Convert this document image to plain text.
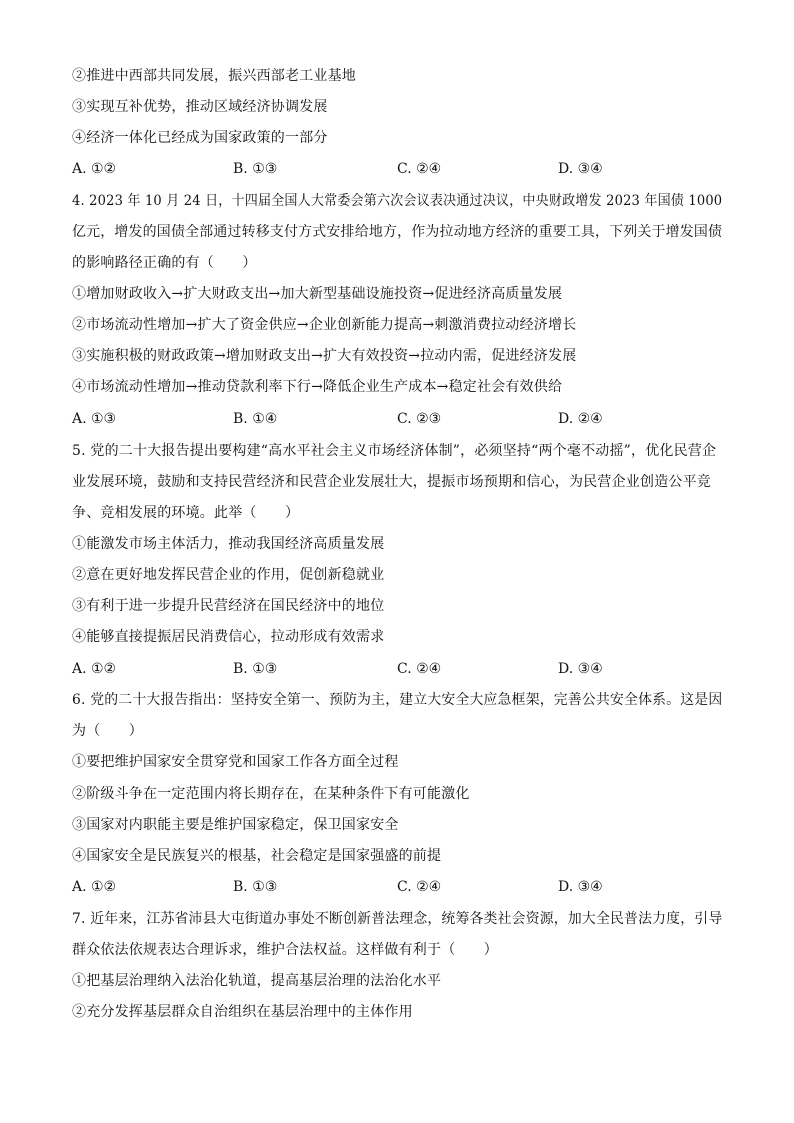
②推进中西部共同发展，振兴西部老工业基地
③实现互补优势，推动区域经济协调发展
④经济一体化已经成为国家政策的一部分
A. ①②	B. ①③	C. ②④	D. ③④
4. 2023 年 10 月 24 日，十四届全国人大常委会第六次会议表决通过决议，中央财政增发 2023 年国债 1000
亿元，增发的国债全部通过转移支付方式安排给地方，作为拉动地方经济的重要工具，下列关于增发国债
的影响路径正确的有（　　）
①增加财政收入→扩大财政支出→加大新型基础设施投资→促进经济高质量发展
②市场流动性增加→扩大了资金供应→企业创新能力提高→刺激消费拉动经济增长
③实施积极的财政政策→增加财政支出→扩大有效投资→拉动内需，促进经济发展
④市场流动性增加→推动贷款利率下行→降低企业生产成本→稳定社会有效供给
A. ①③	B. ①④	C. ②③	D. ②④
5. 党的二十大报告提出要构建“高水平社会主义市场经济体制”，必须坚持“两个毫不动摇”，优化民营企
业发展环境，鼓励和支持民营经济和民营企业发展壮大，提振市场预期和信心，为民营企业创造公平竞
争、竞相发展的环境。此举（　　）
①能激发市场主体活力，推动我国经济高质量发展
②意在更好地发挥民营企业的作用，促创新稳就业
③有利于进一步提升民营经济在国民经济中的地位
④能够直接提振居民消费信心，拉动形成有效需求
A. ①②	B. ①③	C. ②④	D. ③④
6. 党的二十大报告指出：坚持安全第一、预防为主，建立大安全大应急框架，完善公共安全体系。这是因
为（　　）
①要把维护国家安全贯穿党和国家工作各方面全过程
②阶级斗争在一定范围内将长期存在，在某种条件下有可能激化
③国家对内职能主要是维护国家稳定，保卫国家安全
④国家安全是民族复兴的根基，社会稳定是国家强盛的前提
A. ①②	B. ①③	C. ②④	D. ③④
7. 近年来，江苏省沛县大屯街道办事处不断创新普法理念，统筹各类社会资源，加大全民普法力度，引导
群众依法依规表达合理诉求，维护合法权益。这样做有利于（　　）
①把基层治理纳入法治化轨道，提高基层治理的法治化水平
②充分发挥基层群众自治组织在基层治理中的主体作用
